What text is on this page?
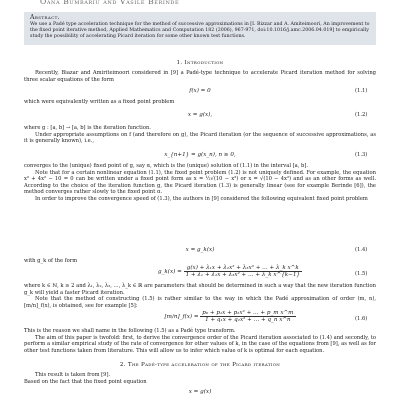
Oana Bumbariu and Vasile Berinde
Abstract.

We use a Padé type acceleration technique for the method of successive approximations in [I. Bizzar and A. Amiteimoori, An improvement to the fixed point iterative method, Applied Mathematics and Computation 182 (2006), 967-971, doi:10.1016/j.amc.2006.04.019] to empirically study the possibility of accelerating Picard iteration for some other known test functions.

1. Introduction

Recently, Biazar and Amiriteimoori considered in [9] a Padé-type technique to accelerate Picard iteration method for solving three scalar equations of the form

f(x) = 0	(1.1)

which were equivalently written as a fixed point problem

x = g(x),	(1.2)

where g : [a, b] → [a, b] is the iteration function.

Under appropriate assumptions on f (and therefore on g), the Picard iteration (or the sequence of successive approximations, as it is generally known), i.e.,

x_{n+1} = g(x_n), n ≥ 0,	(1.3)

converges to the (unique) fixed point of g, say α, which is the (unique) solution of (1.1) in the interval [a, b].

Note that for a certain nonlinear equation (1.1), the fixed point problem (1.2) is not uniquely defined. For example, the equation x³ + 4x² − 10 = 0 can be written under a fixed point form as x = ½√(10 − x³) or x = √(10 − 4x²) and as an other forms as well. According to the choice of the iteration function g, the Picard iteration (1.3) is generally linear (see for example Berinde [6]), the method converges rather slowly to the fixed point α.

In order to improve the convergence speed of (1.3), the authors in [9] considered the following equivalent fixed point problem

x = g_k(x)	(1.4)

with g_k of the form

g_k(x) = $\frac{\text{g(x) + λ₁x + λ₂x² + λ₃x³ + … + λ\_k x\textasciicircum{}k}}{\text{1 + λ₁ + λ₂x + λ₃x² + … + λ\_k x\textasciicircum{}\{k−1\}}}$	(1.5)

where k ∈ ℕ, k ≥ 2 and λ₁, λ₂, λ₃, …, λ_k ∈ ℝ are parameters that should be determined in such a way that the new iteration function g_k will yield a faster Picard iteration.

Note that the method of constructing (1.5) is rather similar to the way in which the Padé approximation of order (m, n), [m/n]_f(x), is obtained, see for example [5]:

[m/n]_f(x) = $\frac{\text{p₀ + p₁x + p₂x² + … + p\_m x\textasciicircum{}m}}{\text{1 + q₁x + q₂x² + … + q\_n x\textasciicircum{}n}}$	(1.6)

This is the reason we shall name in the following (1.5) as a Padé type transform.

The aim of this paper is twofold: first, to derive the convergence order of the Picard iteration associated to (1.4) and secondly, to perform a similar empirical study of the rate of convergence for other values of k, in the case of the equations from [9], as well as for other test functions taken from literature. This will allow us to infer which value of k is optimal for each equation.

2. The Padé-type acceleration of the Picard iteration

This result is taken from [9].

Based on the fact that the fixed point equation

x = g(x)
